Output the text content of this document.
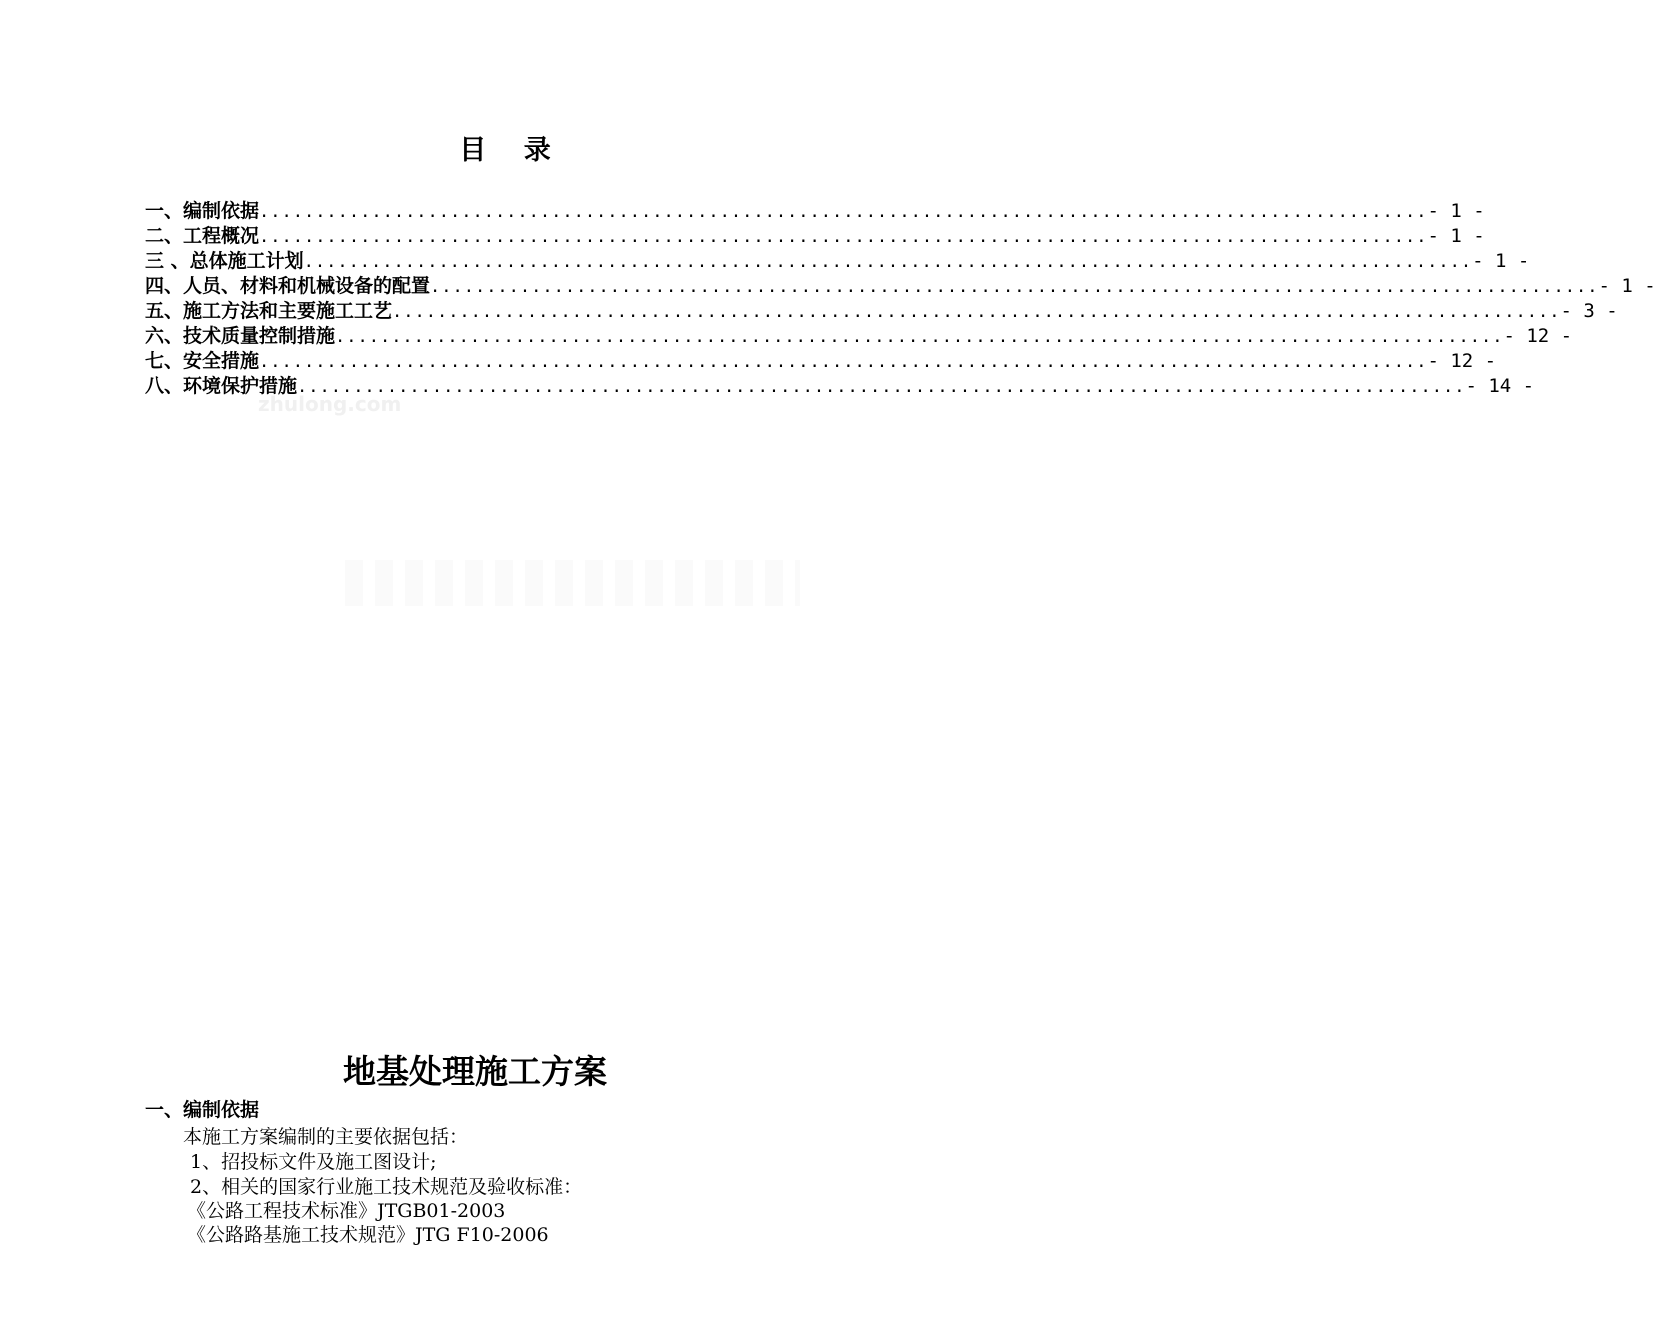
目 录
一、编制依据 ........................................................................................................ - 1 -
二、工程概况 ........................................................................................................ - 1 -
三 、总体施工计划 ........................................................................................................ - 1 -
四、人员、材料和机械设备的配置 ........................................................................................................ - 1 -
五、施工方法和主要施工工艺 ........................................................................................................ - 3 -
六、技术质量控制措施 ........................................................................................................ - 12 -
七、安全措施 ........................................................................................................ - 12 -
八、环境保护措施 ........................................................................................................ - 14 -
zhulong.com
地基处理施工方案
一、编制依据
本施工方案编制的主要依据包括：
1、招投标文件及施工图设计;
2、相关的国家行业施工技术规范及验收标准：
《公路工程技术标准》JTGB01-2003
《公路路基施工技术规范》JTG F10-2006
